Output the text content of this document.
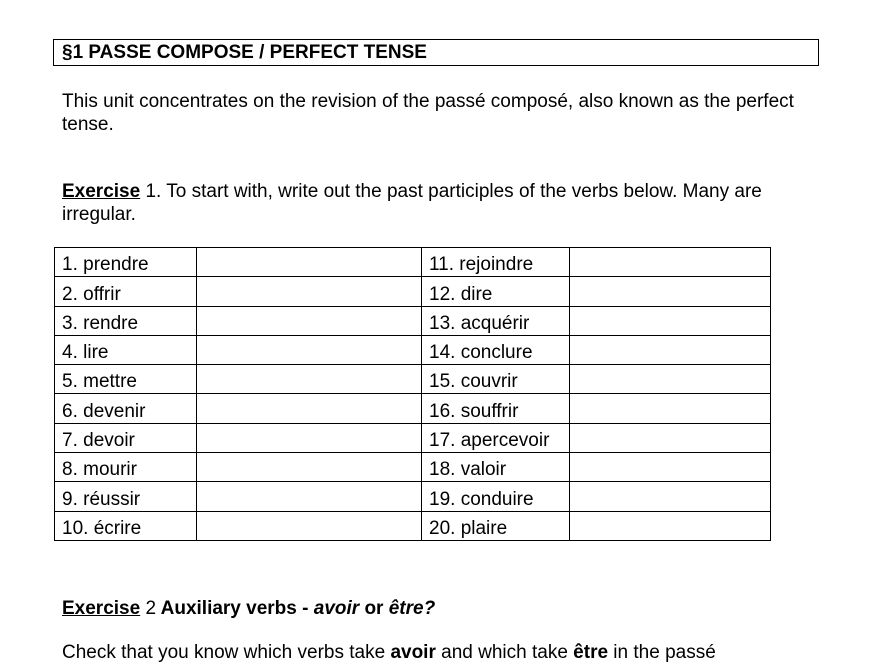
§1 PASSE COMPOSE / PERFECT TENSE
This unit concentrates on the revision of the passé composé, also known as the perfect tense.
Exercise 1. To start with, write out the past participles of the verbs below. Many are irregular.
1. prendre		11. rejoindre	
2. offrir		12. dire	
3. rendre		13. acquérir	
4. lire		14. conclure	
5. mettre		15. couvrir	
6. devenir		16. souffrir	
7. devoir		17. apercevoir	
8. mourir		18. valoir	
9. réussir		19. conduire	
10. écrire		20. plaire	
Exercise 2 Auxiliary verbs - avoir or être?
Check that you know which verbs take avoir and which take être in the passé
